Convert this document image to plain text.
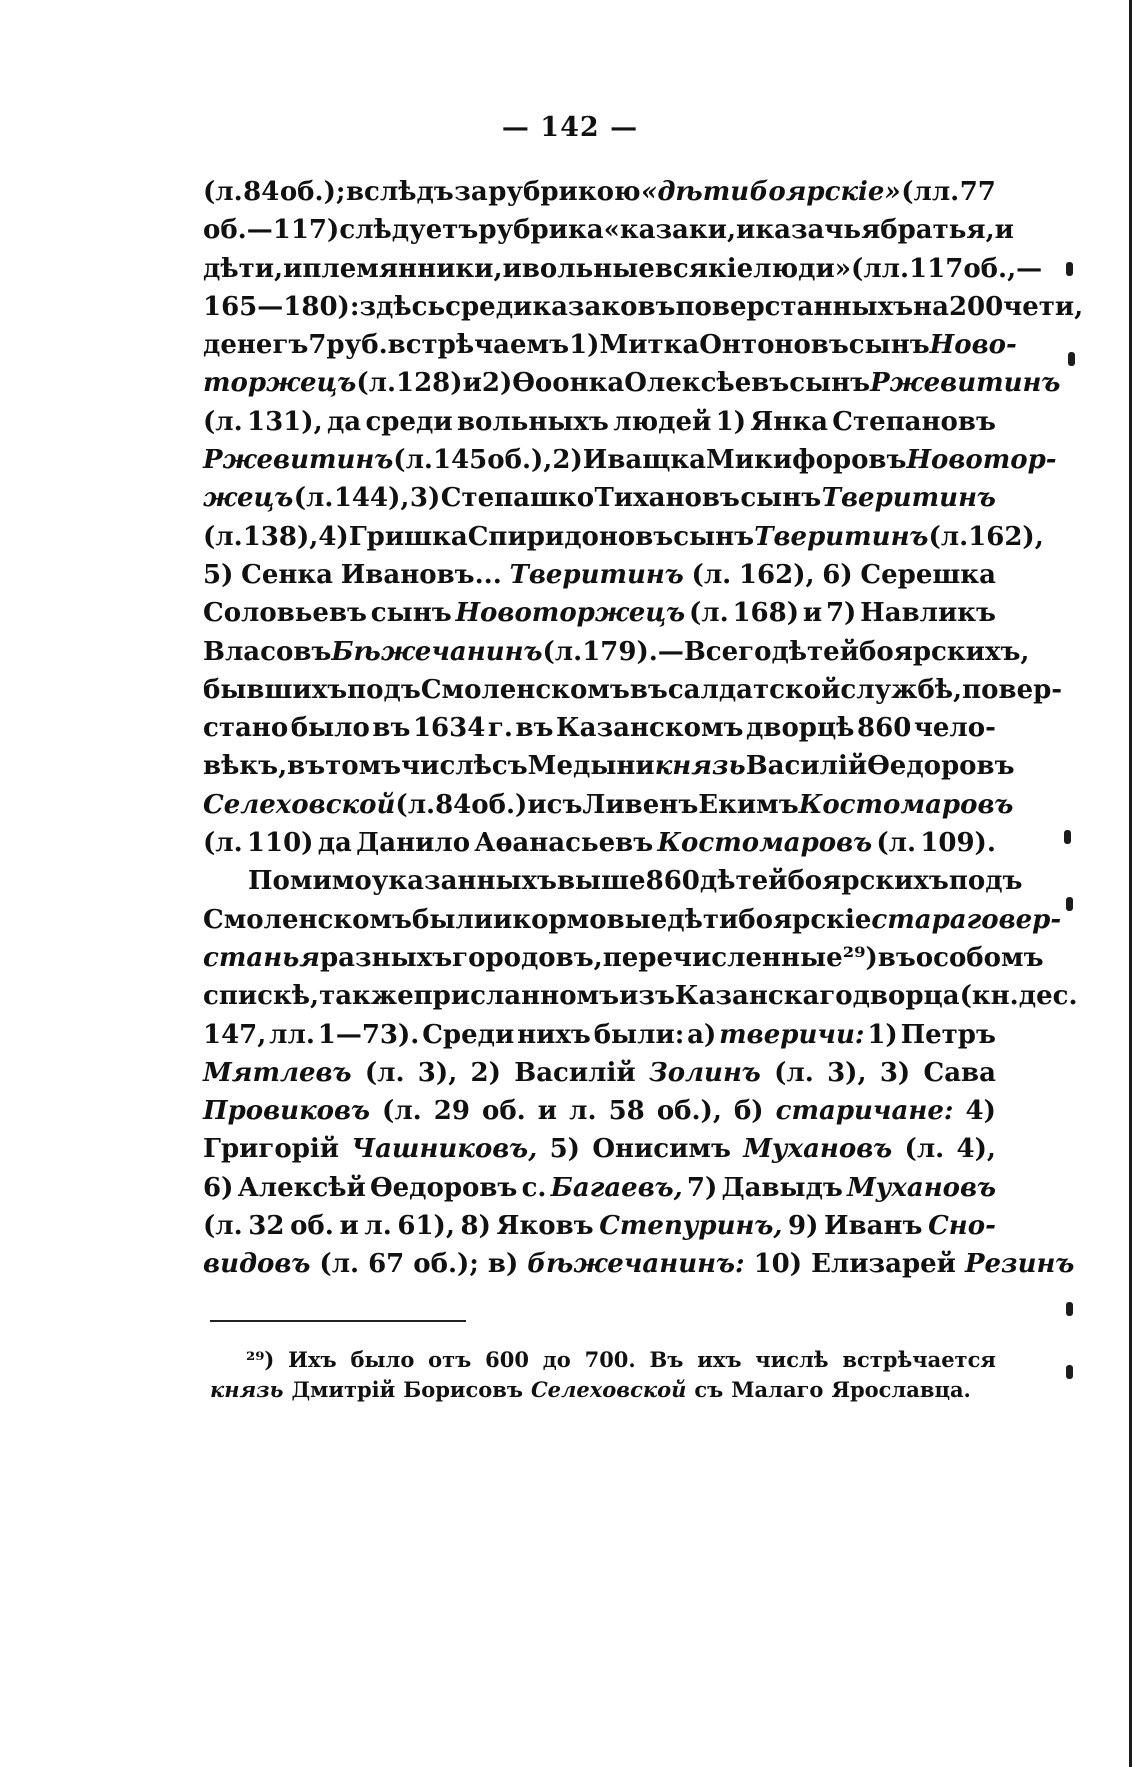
— 142 —
(л. 84 об.); вслѣдъ за рубрикою «дѣти боярскіе» (лл. 77
об.—117) слѣдуетъ рубрика «казаки, и казачья братья, и
дѣти, и племянники, и вольные всякіе люди» (лл. 117 об.,—
165—180): здѣсь среди казаковъ поверстанныхъ на 200 чети,
денегъ 7 руб. встрѣчаемъ 1) Митка Онтоновъ сынъ Ново-
торжецъ (л. 128) и 2) Ѳоонка Олексѣевъ сынъ Ржевитинъ
(л. 131), да среди вольныхъ людей 1) Янка Степановъ
Ржевитинъ (л. 145 об.), 2) Иващка Микифоровъ Новотор-
жецъ (л. 144), 3) Степашко Тихановъ сынъ Тверитинъ
(л. 138), 4) Гришка Спиридоновъ сынъ Тверитинъ (л. 162),
5) Сенка Ивановъ... Тверитинъ (л. 162), 6) Серешка
Соловьевъ сынъ Новоторжецъ (л. 168) и 7) Навликъ
Власовъ Бѣжечанинъ (л. 179).—Всего дѣтей боярскихъ,
бывшихъ подъ Смоленскомъ въ салдатской службѣ, повер-
стано было въ 1634 г. въ Казанскомъ дворцѣ 860 чело-
вѣкъ, въ томъ числѣ съ Медыни князь Василій Ѳедоровъ
Селеховской (л. 84 об.) и съ Ливенъ Екимъ Костомаровъ
(л. 110) да Данило Аѳанасьевъ Костомаровъ (л. 109).
Помимо указанныхъ выше 860 дѣтей боярскихъ подъ
Смоленскомъ были и кормовые дѣти боярскіе стараго вер-
станья разныхъ городовъ, перечисленные ²⁹) въ особомъ
спискѣ, также присланномъ изъ Казанскаго дворца (кн. дес.
147, лл. 1—73). Среди нихъ были: а) тверичи: 1) Петръ
Мятлевъ (л. 3), 2) Василій Золинъ (л. 3), 3) Сава
Провиковъ (л. 29 об. и л. 58 об.), б) старичане: 4)
Григорій Чашниковъ, 5) Онисимъ Мухановъ (л. 4),
6) Алексѣй Ѳедоровъ с. Багаевъ, 7) Давыдъ Мухановъ
(л. 32 об. и л. 61), 8) Яковъ Степуринъ, 9) Иванъ Сно-
видовъ (л. 67 об.); в) бѣжечанинъ: 10) Елизарей Резинъ
²⁹) Ихъ было отъ 600 до 700. Въ ихъ числѣ встрѣчается
князь Дмитрій Борисовъ Селеховской съ Малаго Ярославца.
